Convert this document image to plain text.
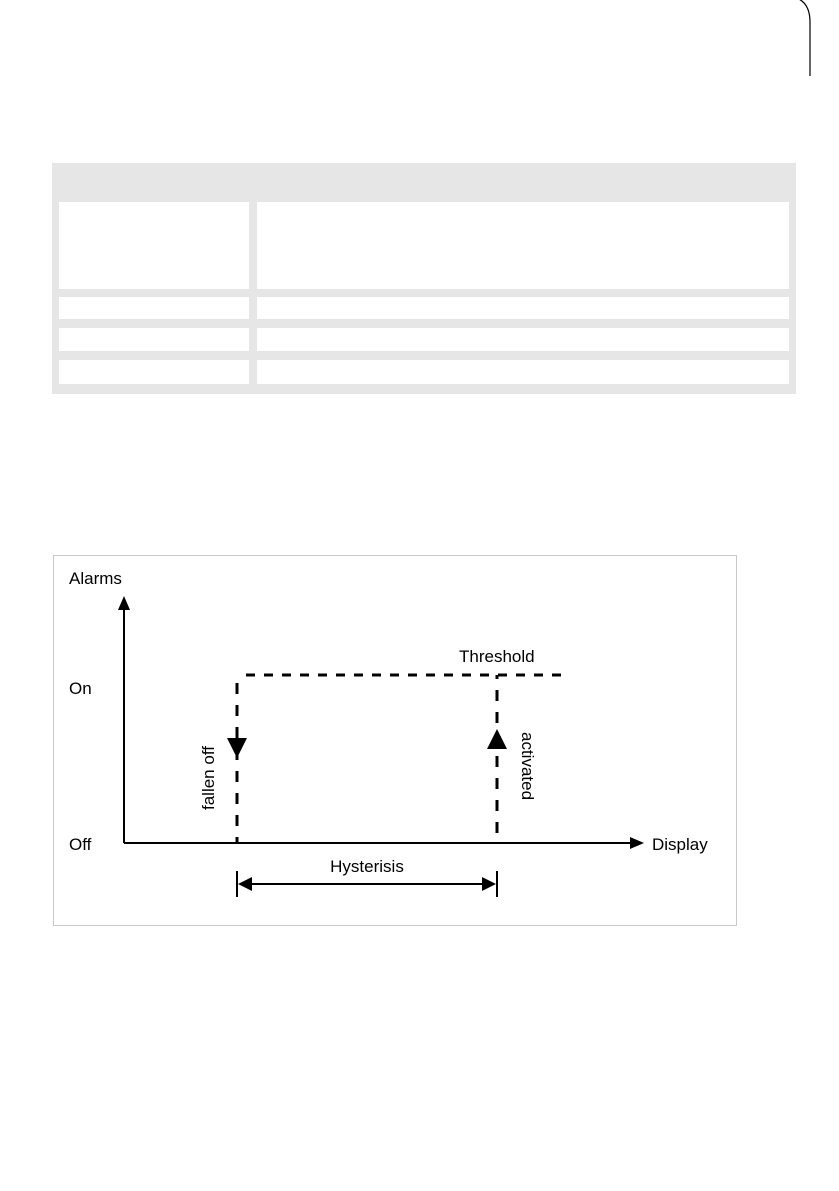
Alarms
On
Off	Display
Threshold
Hysterisis
fallen off	activated
